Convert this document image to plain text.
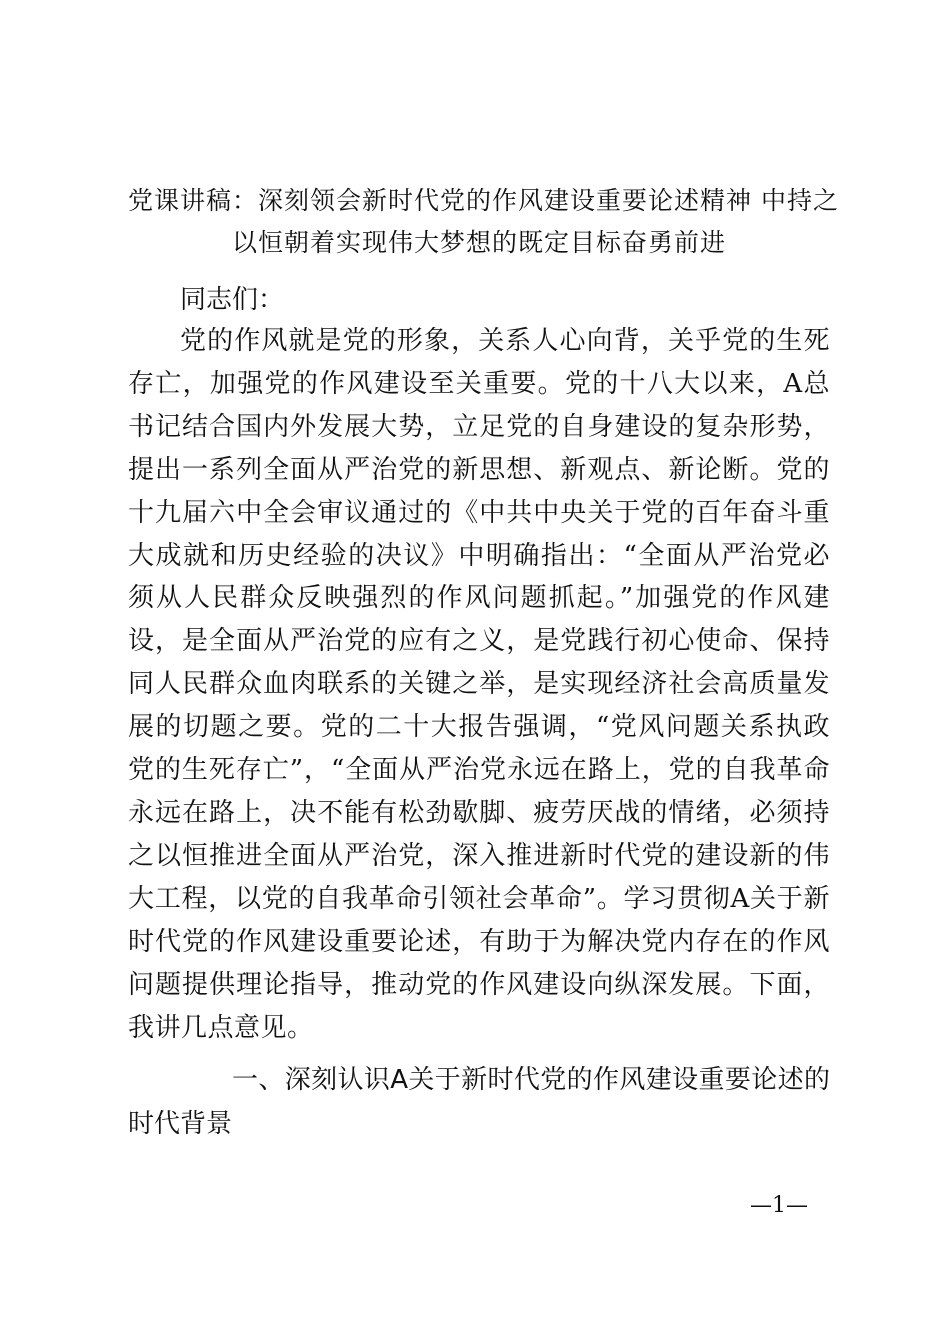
党课讲稿：深刻领会新时代党的作风建设重要论述精神 中持之
以恒朝着实现伟大梦想的既定目标奋勇前进
同志们：
党的作风就是党的形象，关系人心向背，关乎党的生死存亡，加强党的作风建设至关重要。党的十八大以来，A总书记结合国内外发展大势，立足党的自身建设的复杂形势，提出一系列全面从严治党的新思想、新观点、新论断。党的十九届六中全会审议通过的《中共中央关于党的百年奋斗重大成就和历史经验的决议》中明确指出：“全面从严治党必须从人民群众反映强烈的作风问题抓起。”加强党的作风建设，是全面从严治党的应有之义，是党践行初心使命、保持同人民群众血肉联系的关键之举，是实现经济社会高质量发展的切题之要。党的二十大报告强调，“党风问题关系执政党的生死存亡”，“全面从严治党永远在路上，党的自我革命永远在路上，决不能有松劲歇脚、疲劳厌战的情绪，必须持之以恒推进全面从严治党，深入推进新时代党的建设新的伟大工程，以党的自我革命引领社会革命”。学习贯彻A关于新时代党的作风建设重要论述，有助于为解决党内存在的作风问题提供理论指导，推动党的作风建设向纵深发展。下面，我讲几点意见。
一、深刻认识A关于新时代党的作风建设重要论述的时代背景
—1—
